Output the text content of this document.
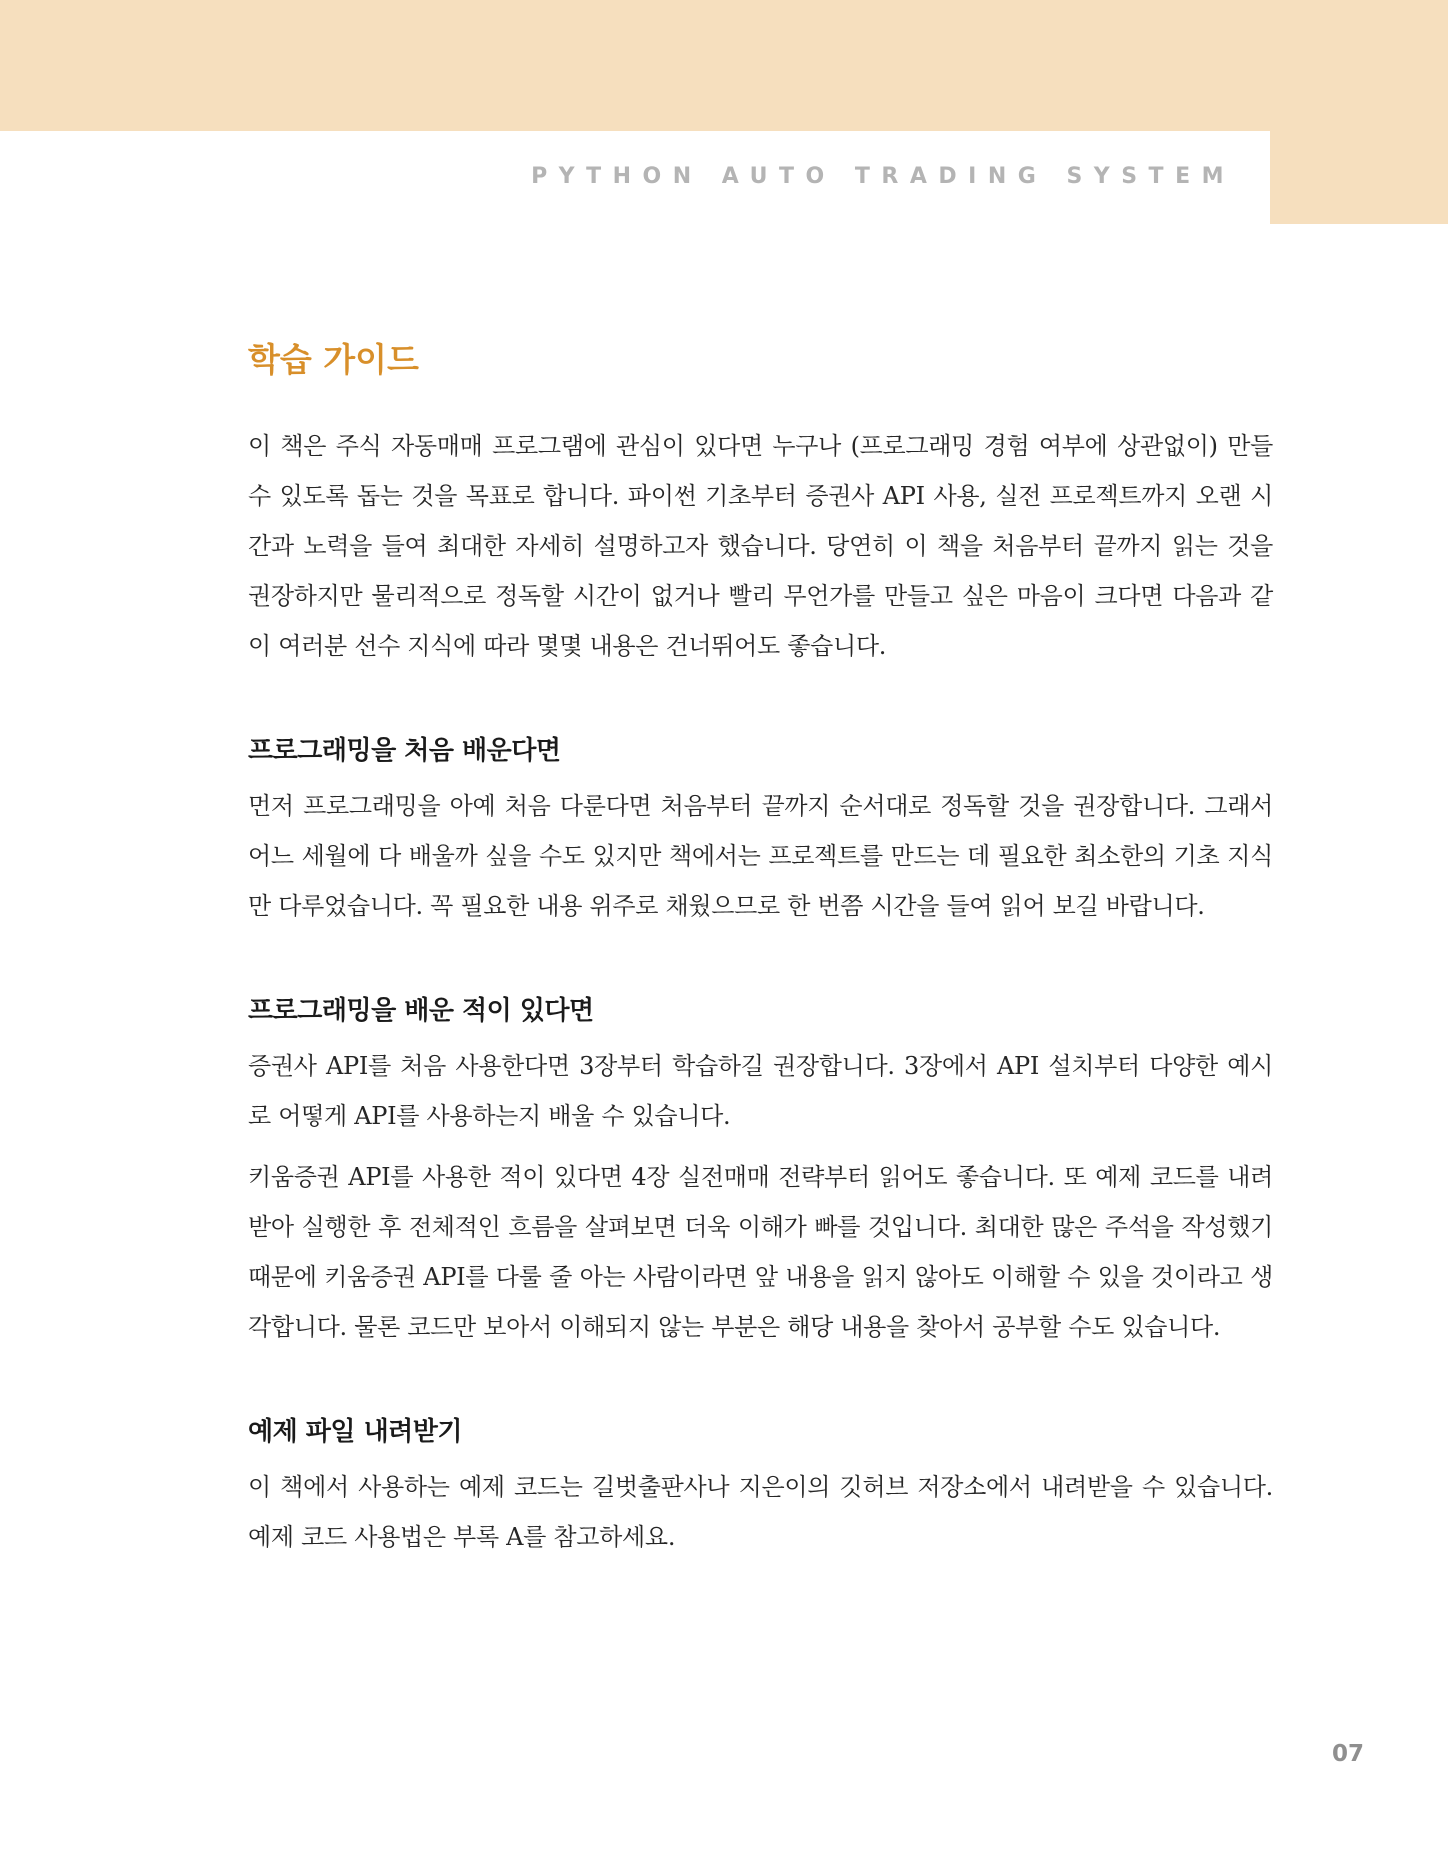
PYTHON AUTO TRADING SYSTEM
학습 가이드

이 책은 주식 자동매매 프로그램에 관심이 있다면 누구나 (프로그래밍 경험 여부에 상관없이) 만들 수 있도록 돕는 것을 목표로 합니다. 파이썬 기초부터 증권사 API 사용, 실전 프로젝트까지 오랜 시간과 노력을 들여 최대한 자세히 설명하고자 했습니다. 당연히 이 책을 처음부터 끝까지 읽는 것을 권장하지만 물리적으로 정독할 시간이 없거나 빨리 무언가를 만들고 싶은 마음이 크다면 다음과 같이 여러분 선수 지식에 따라 몇몇 내용은 건너뛰어도 좋습니다.

프로그래밍을 처음 배운다면

먼저 프로그래밍을 아예 처음 다룬다면 처음부터 끝까지 순서대로 정독할 것을 권장합니다. 그래서 어느 세월에 다 배울까 싶을 수도 있지만 책에서는 프로젝트를 만드는 데 필요한 최소한의 기초 지식만 다루었습니다. 꼭 필요한 내용 위주로 채웠으므로 한 번쯤 시간을 들여 읽어 보길 바랍니다.

프로그래밍을 배운 적이 있다면

증권사 API를 처음 사용한다면 3장부터 학습하길 권장합니다. 3장에서 API 설치부터 다양한 예시로 어떻게 API를 사용하는지 배울 수 있습니다.

키움증권 API를 사용한 적이 있다면 4장 실전매매 전략부터 읽어도 좋습니다. 또 예제 코드를 내려받아 실행한 후 전체적인 흐름을 살펴보면 더욱 이해가 빠를 것입니다. 최대한 많은 주석을 작성했기 때문에 키움증권 API를 다룰 줄 아는 사람이라면 앞 내용을 읽지 않아도 이해할 수 있을 것이라고 생각합니다. 물론 코드만 보아서 이해되지 않는 부분은 해당 내용을 찾아서 공부할 수도 있습니다.

예제 파일 내려받기

이 책에서 사용하는 예제 코드는 길벗출판사나 지은이의 깃허브 저장소에서 내려받을 수 있습니다. 예제 코드 사용법은 부록 A를 참고하세요.

07
